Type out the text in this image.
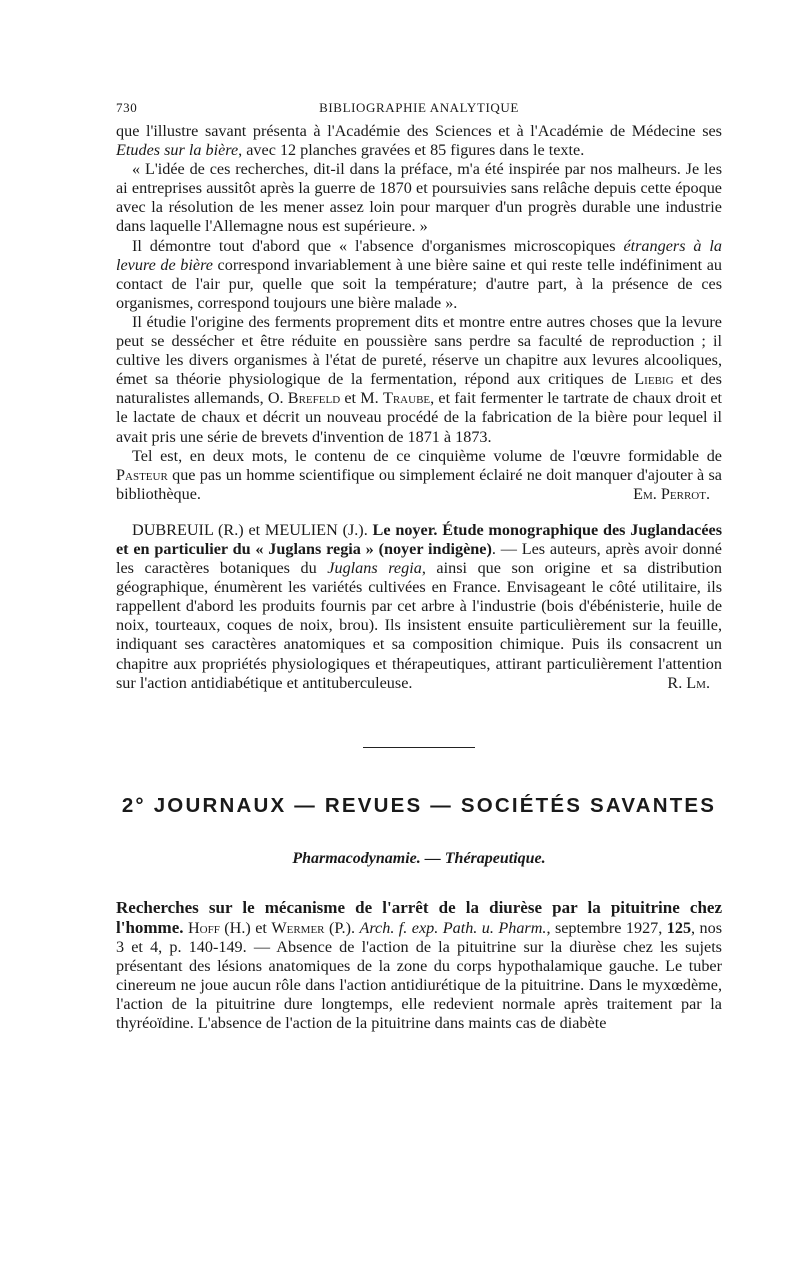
730	BIBLIOGRAPHIE ANALYTIQUE

que l'illustre savant présenta à l'Académie des Sciences et à l'Académie de Médecine ses Etudes sur la bière, avec 12 planches gravées et 85 figures dans le texte.

« L'idée de ces recherches, dit-il dans la préface, m'a été inspirée par nos malheurs. Je les ai entreprises aussitôt après la guerre de 1870 et poursuivies sans relâche depuis cette époque avec la résolution de les mener assez loin pour marquer d'un progrès durable une industrie dans laquelle l'Allemagne nous est supérieure. »

Il démontre tout d'abord que « l'absence d'organismes microscopiques étrangers à la levure de bière correspond invariablement à une bière saine et qui reste telle indéfiniment au contact de l'air pur, quelle que soit la température; d'autre part, à la présence de ces organismes, correspond toujours une bière malade ».

Il étudie l'origine des ferments proprement dits et montre entre autres choses que la levure peut se dessécher et être réduite en poussière sans perdre sa faculté de reproduction ; il cultive les divers organismes à l'état de pureté, réserve un chapitre aux levures alcooliques, émet sa théorie physiologique de la fermentation, répond aux critiques de Liebig et des naturalistes allemands, O. Brefeld et M. Traube, et fait fermenter le tartrate de chaux droit et le lactate de chaux et décrit un nouveau procédé de la fabrication de la bière pour lequel il avait pris une série de brevets d'invention de 1871 à 1873.

Tel est, en deux mots, le contenu de ce cinquième volume de l'œuvre formidable de Pasteur que pas un homme scientifique ou simplement éclairé ne doit manquer d'ajouter à sa bibliothèque.	Em. Perrot.

DUBREUIL (R.) et MEULIEN (J.). Le noyer. Étude monographique des Juglandacées et en particulier du « Juglans regia » (noyer indigène). — Les auteurs, après avoir donné les caractères botaniques du Juglans regia, ainsi que son origine et sa distribution géographique, énumèrent les variétés cultivées en France. Envisageant le côté utilitaire, ils rappellent d'abord les produits fournis par cet arbre à l'industrie (bois d'ébénisterie, huile de noix, tourteaux, coques de noix, brou). Ils insistent ensuite particulièrement sur la feuille, indiquant ses caractères anatomiques et sa composition chimique. Puis ils consacrent un chapitre aux propriétés physiologiques et thérapeutiques, attirant particulièrement l'attention sur l'action antidiabétique et antituberculeuse.	R. Lm.

2° JOURNAUX — REVUES — SOCIÉTÉS SAVANTES
Pharmacodynamie. — Thérapeutique.

Recherches sur le mécanisme de l'arrêt de la diurèse par la pituitrine chez l'homme. Hoff (H.) et Wermer (P.). Arch. f. exp. Path. u. Pharm., septembre 1927, 125, nos 3 et 4, p. 140-149. — Absence de l'action de la pituitrine sur la diurèse chez les sujets présentant des lésions anatomiques de la zone du corps hypothalamique gauche. Le tuber cinereum ne joue aucun rôle dans l'action antidiurétique de la pituitrine. Dans le myxœdème, l'action de la pituitrine dure longtemps, elle redevient normale après traitement par la thyréoïdine. L'absence de l'action de la pituitrine dans maints cas de diabète
